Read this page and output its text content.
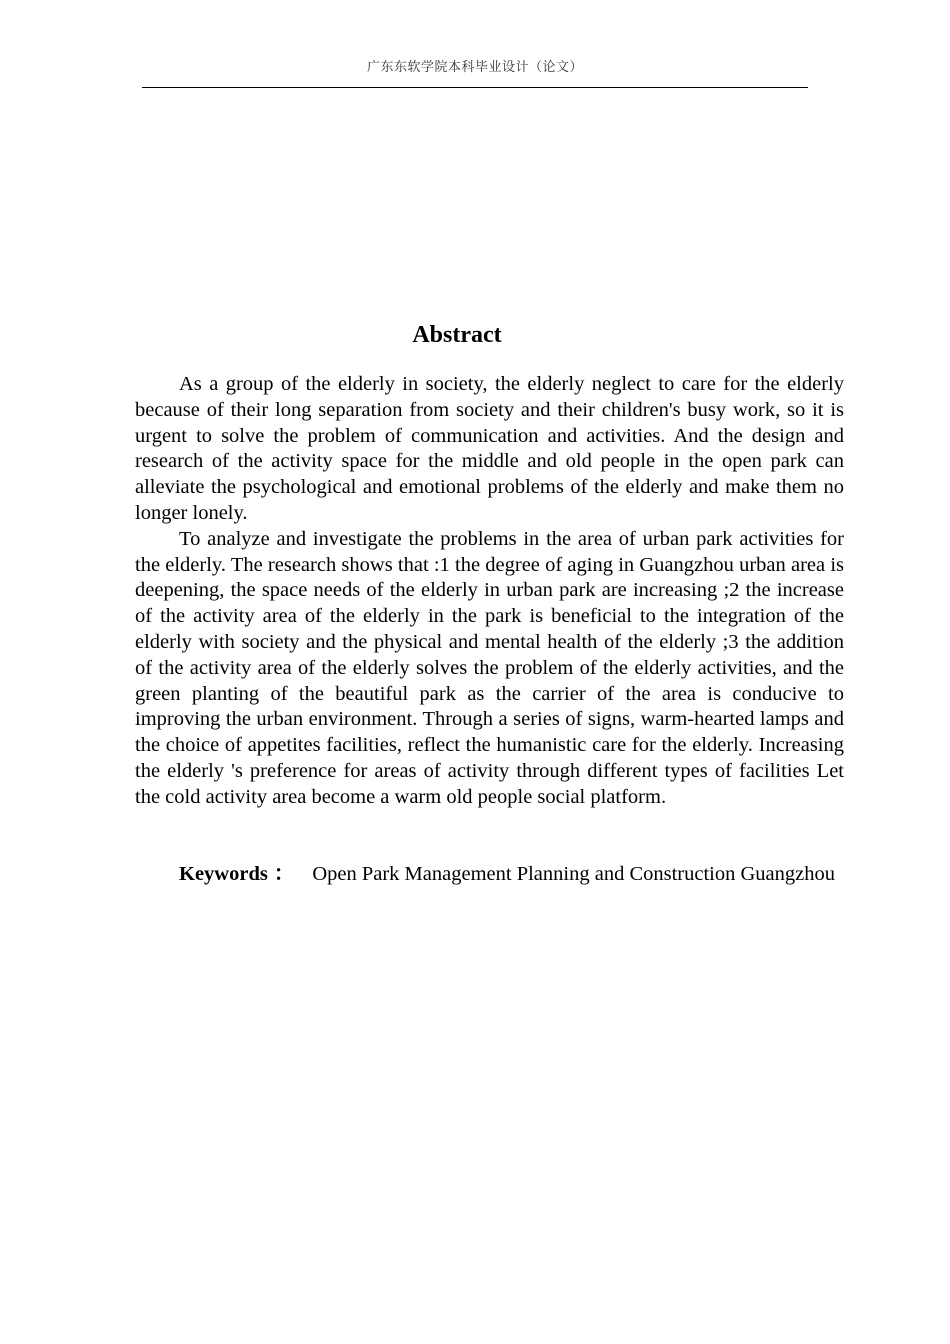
广东东软学院本科毕业设计（论文）
Abstract

As a group of the elderly in society, the elderly neglect to care for the elderly because of their long separation from society and their children's busy work, so it is urgent to solve the problem of communication and activities. And the design and research of the activity space for the middle and old people in the open park can alleviate the psychological and emotional problems of the elderly and make them no longer lonely.

To analyze and investigate the problems in the area of urban park activities for the elderly. The research shows that :1 the degree of aging in Guangzhou urban area is deepening, the space needs of the elderly in urban park are increasing ;2 the increase of the activity area of the elderly in the park is beneficial to the integration of the elderly with society and the physical and mental health of the elderly ;3 the addition of the activity area of the elderly solves the problem of the elderly activities, and the green planting of the beautiful park as the carrier of the area is conducive to improving the urban environment. Through a series of signs, warm-hearted lamps and the choice of appetites facilities, reflect the humanistic care for the elderly. Increasing the elderly 's preference for areas of activity through different types of facilities Let the cold activity area become a warm old people social platform.

Keywords ： Open Park Management Planning and Construction Guangzhou
